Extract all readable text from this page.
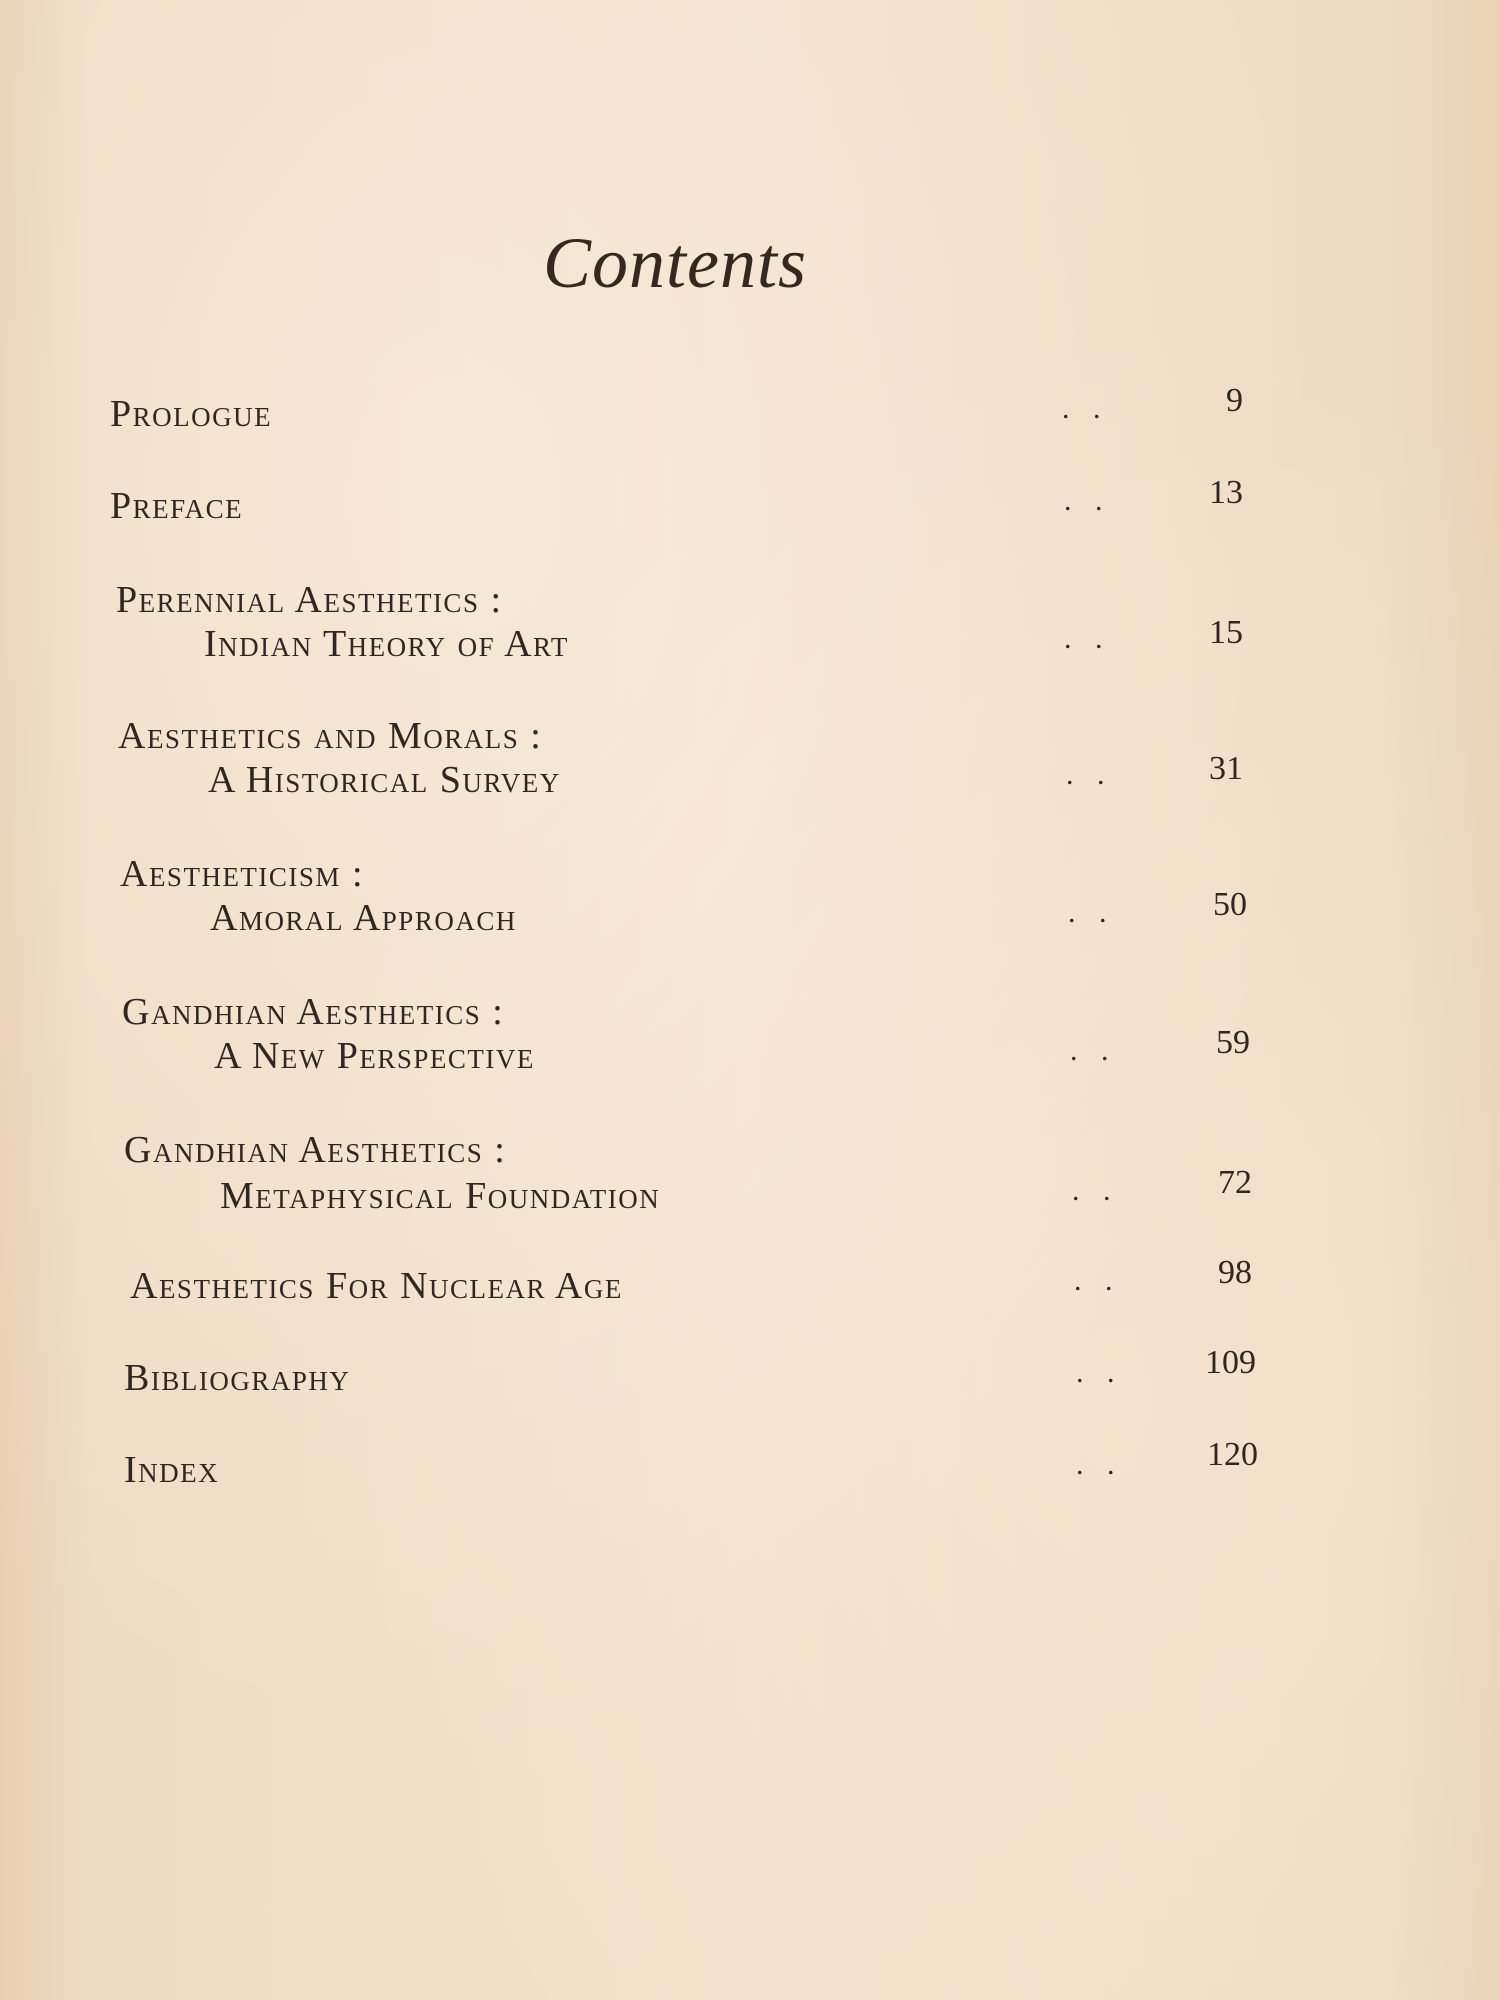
Contents
Prologue	. .	9
Preface	. .	13
Perennial Aesthetics :
Indian Theory of Art	. .	15
Aesthetics and Morals :
A Historical Survey	. .	31
Aestheticism :
Amoral Approach	. .	50
Gandhian Aesthetics :
A New Perspective	. .	59
Gandhian Aesthetics :
Metaphysical Foundation	. .	72
Aesthetics For Nuclear Age	. .	98
Bibliography	. .	109
Index	. .	120
